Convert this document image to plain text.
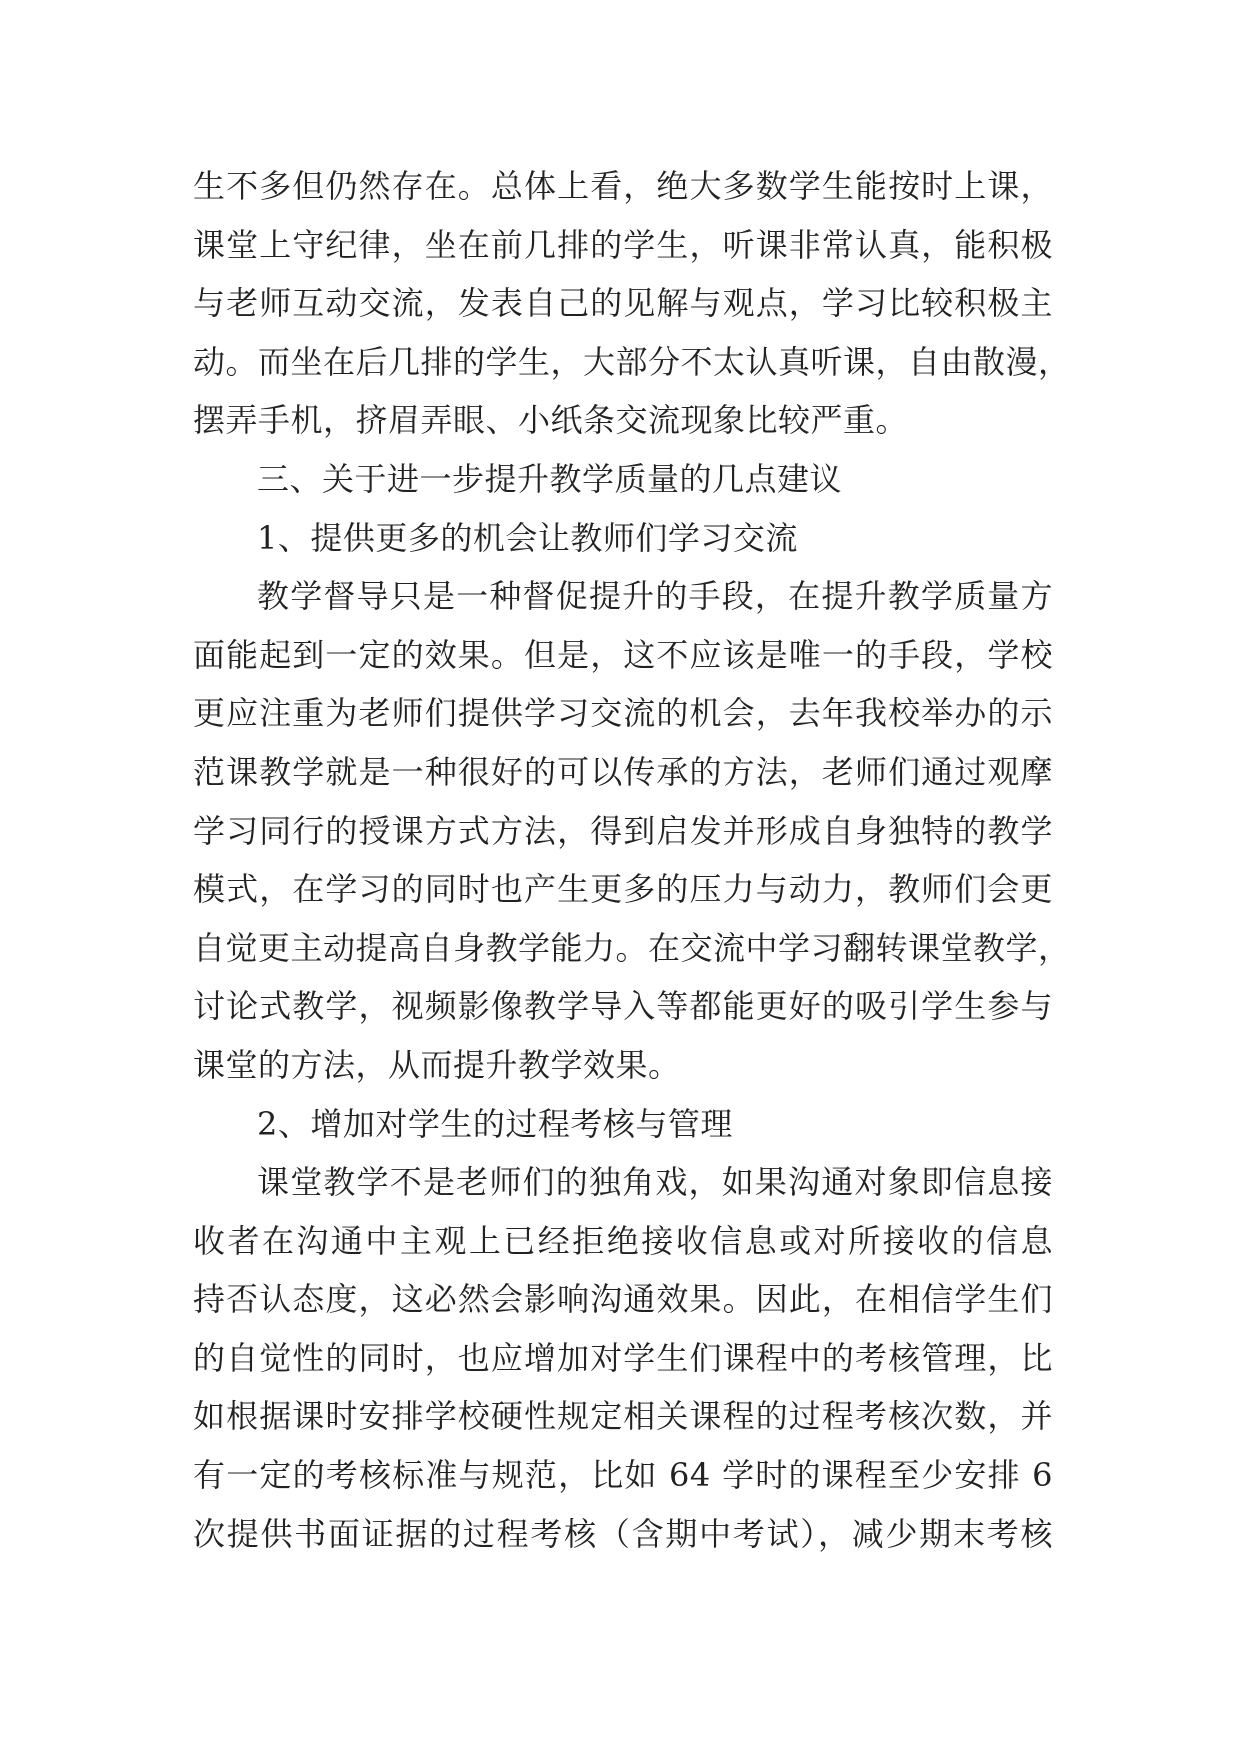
生不多但仍然存在。总体上看，绝大多数学生能按时上课，
课堂上守纪律，坐在前几排的学生，听课非常认真，能积极
与老师互动交流，发表自己的见解与观点，学习比较积极主
动。而坐在后几排的学生，大部分不太认真听课，自由散漫，
摆弄手机，挤眉弄眼、小纸条交流现象比较严重。
三、关于进一步提升教学质量的几点建议
1、提供更多的机会让教师们学习交流
教学督导只是一种督促提升的手段，在提升教学质量方
面能起到一定的效果。但是，这不应该是唯一的手段，学校
更应注重为老师们提供学习交流的机会，去年我校举办的示
范课教学就是一种很好的可以传承的方法，老师们通过观摩
学习同行的授课方式方法，得到启发并形成自身独特的教学
模式，在学习的同时也产生更多的压力与动力，教师们会更
自觉更主动提高自身教学能力。在交流中学习翻转课堂教学，
讨论式教学，视频影像教学导入等都能更好的吸引学生参与
课堂的方法，从而提升教学效果。
2、增加对学生的过程考核与管理
课堂教学不是老师们的独角戏，如果沟通对象即信息接
收者在沟通中主观上已经拒绝接收信息或对所接收的信息
持否认态度，这必然会影响沟通效果。因此，在相信学生们
的自觉性的同时，也应增加对学生们课程中的考核管理，比
如根据课时安排学校硬性规定相关课程的过程考核次数，并
有一定的考核标准与规范，比如 64 学时的课程至少安排 6
次提供书面证据的过程考核（含期中考试），减少期末考核
